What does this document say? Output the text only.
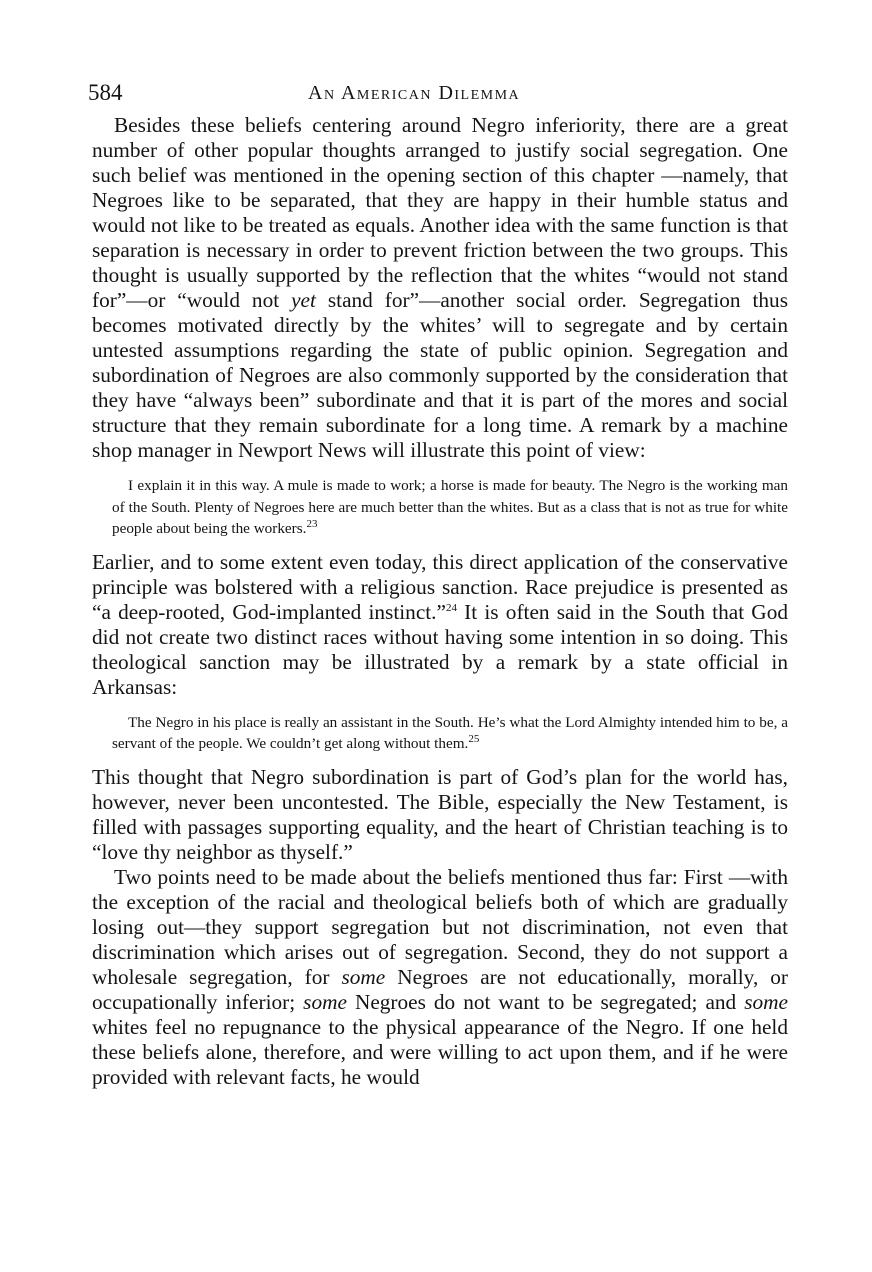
584	An American Dilemma

Besides these beliefs centering around Negro inferiority, there are a great number of other popular thoughts arranged to justify social segregation. One such belief was mentioned in the opening section of this chapter —namely, that Negroes like to be separated, that they are happy in their humble status and would not like to be treated as equals. Another idea with the same function is that separation is necessary in order to prevent friction between the two groups. This thought is usually supported by the reflection that the whites “would not stand for”—or “would not yet stand for”—another social order. Segregation thus becomes motivated directly by the whites’ will to segregate and by certain untested assumptions regarding the state of public opinion. Segregation and subordination of Negroes are also commonly supported by the consideration that they have “always been” subordinate and that it is part of the mores and social structure that they remain subordinate for a long time. A remark by a machine shop manager in Newport News will illustrate this point of view:

I explain it in this way. A mule is made to work; a horse is made for beauty. The Negro is the working man of the South. Plenty of Negroes here are much better than the whites. But as a class that is not as true for white people about being the workers.$^{23}$

Earlier, and to some extent even today, this direct application of the conservative principle was bolstered with a religious sanction. Race prejudice is presented as “a deep-rooted, God-implanted instinct.”$^{24}$ It is often said in the South that God did not create two distinct races without having some intention in so doing. This theological sanction may be illustrated by a remark by a state official in Arkansas:

The Negro in his place is really an assistant in the South. He’s what the Lord Almighty intended him to be, a servant of the people. We couldn’t get along without them.$^{25}$

This thought that Negro subordination is part of God’s plan for the world has, however, never been uncontested. The Bible, especially the New Testament, is filled with passages supporting equality, and the heart of Christian teaching is to “love thy neighbor as thyself.”

Two points need to be made about the beliefs mentioned thus far: First —with the exception of the racial and theological beliefs both of which are gradually losing out—they support segregation but not discrimination, not even that discrimination which arises out of segregation. Second, they do not support a wholesale segregation, for some Negroes are not educationally, morally, or occupationally inferior; some Negroes do not want to be segregated; and some whites feel no repugnance to the physical appearance of the Negro. If one held these beliefs alone, therefore, and were willing to act upon them, and if he were provided with relevant facts, he would
